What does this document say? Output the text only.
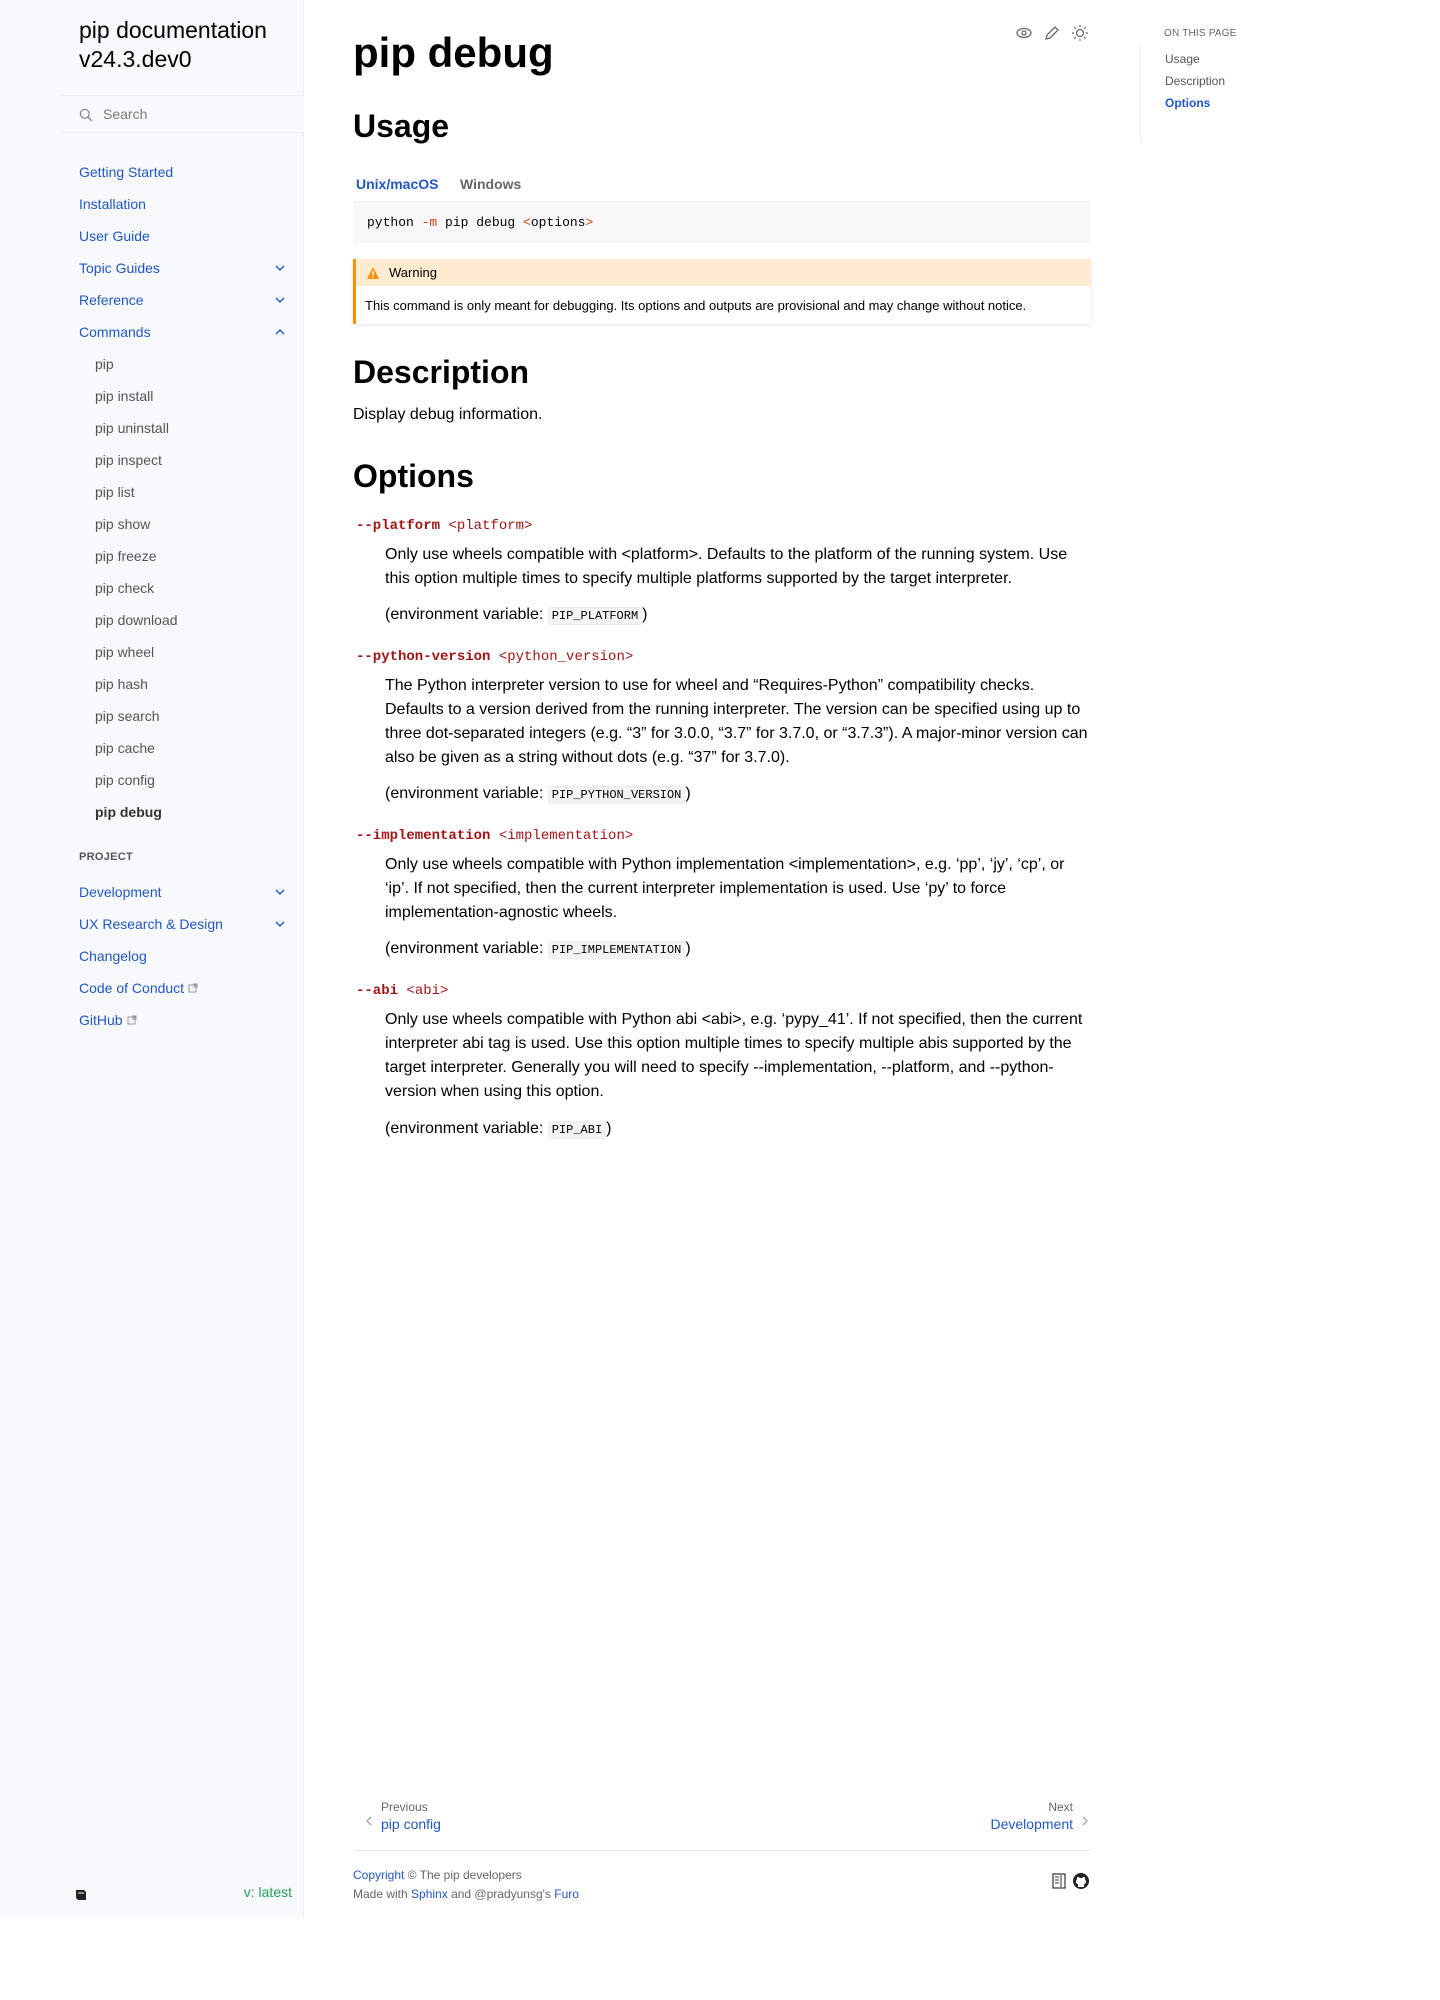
pip documentation v24.3.dev0
Search
Getting Started
Installation
User Guide
Topic Guides
Reference
Commands
pip
pip install
pip uninstall
pip inspect
pip list
pip show
pip freeze
pip check
pip download
pip wheel
pip hash
pip search
pip cache
pip config
pip debug
PROJECT
Development
UX Research & Design
Changelog
Code of Conduct
GitHub
v: latest
pip debug
Usage
Unix/macOS Windows
python -m pip debug <options>
Warning
This command is only meant for debugging. Its options and outputs are provisional and may change without notice.
Description
Display debug information.
Options
--platform <platform>
Only use wheels compatible with <platform>. Defaults to the platform of the running system. Use this option multiple times to specify multiple platforms supported by the target interpreter.
(environment variable: PIP_PLATFORM )
--python-version <python_version>
The Python interpreter version to use for wheel and “Requires-Python” compatibility checks. Defaults to a version derived from the running interpreter. The version can be specified using up to three dot-separated integers (e.g. “3” for 3.0.0, “3.7” for 3.7.0, or “3.7.3”). A major-minor version can also be given as a string without dots (e.g. “37” for 3.7.0).
(environment variable: PIP_PYTHON_VERSION )
--implementation <implementation>
Only use wheels compatible with Python implementation <implementation>, e.g. ‘pp’, ‘jy’, ‘cp’, or ‘ip’. If not specified, then the current interpreter implementation is used. Use ‘py’ to force implementation-agnostic wheels.
(environment variable: PIP_IMPLEMENTATION )
--abi <abi>
Only use wheels compatible with Python abi <abi>, e.g. ‘pypy_41’. If not specified, then the current interpreter abi tag is used. Use this option multiple times to specify multiple abis supported by the target interpreter. Generally you will need to specify --implementation, --platform, and --python-version when using this option.
(environment variable: PIP_ABI )
Previous
pip config
Next
Development
Copyright © The pip developers
Made with Sphinx and @pradyunsg's Furo
ON THIS PAGE
Usage
Description
Options
